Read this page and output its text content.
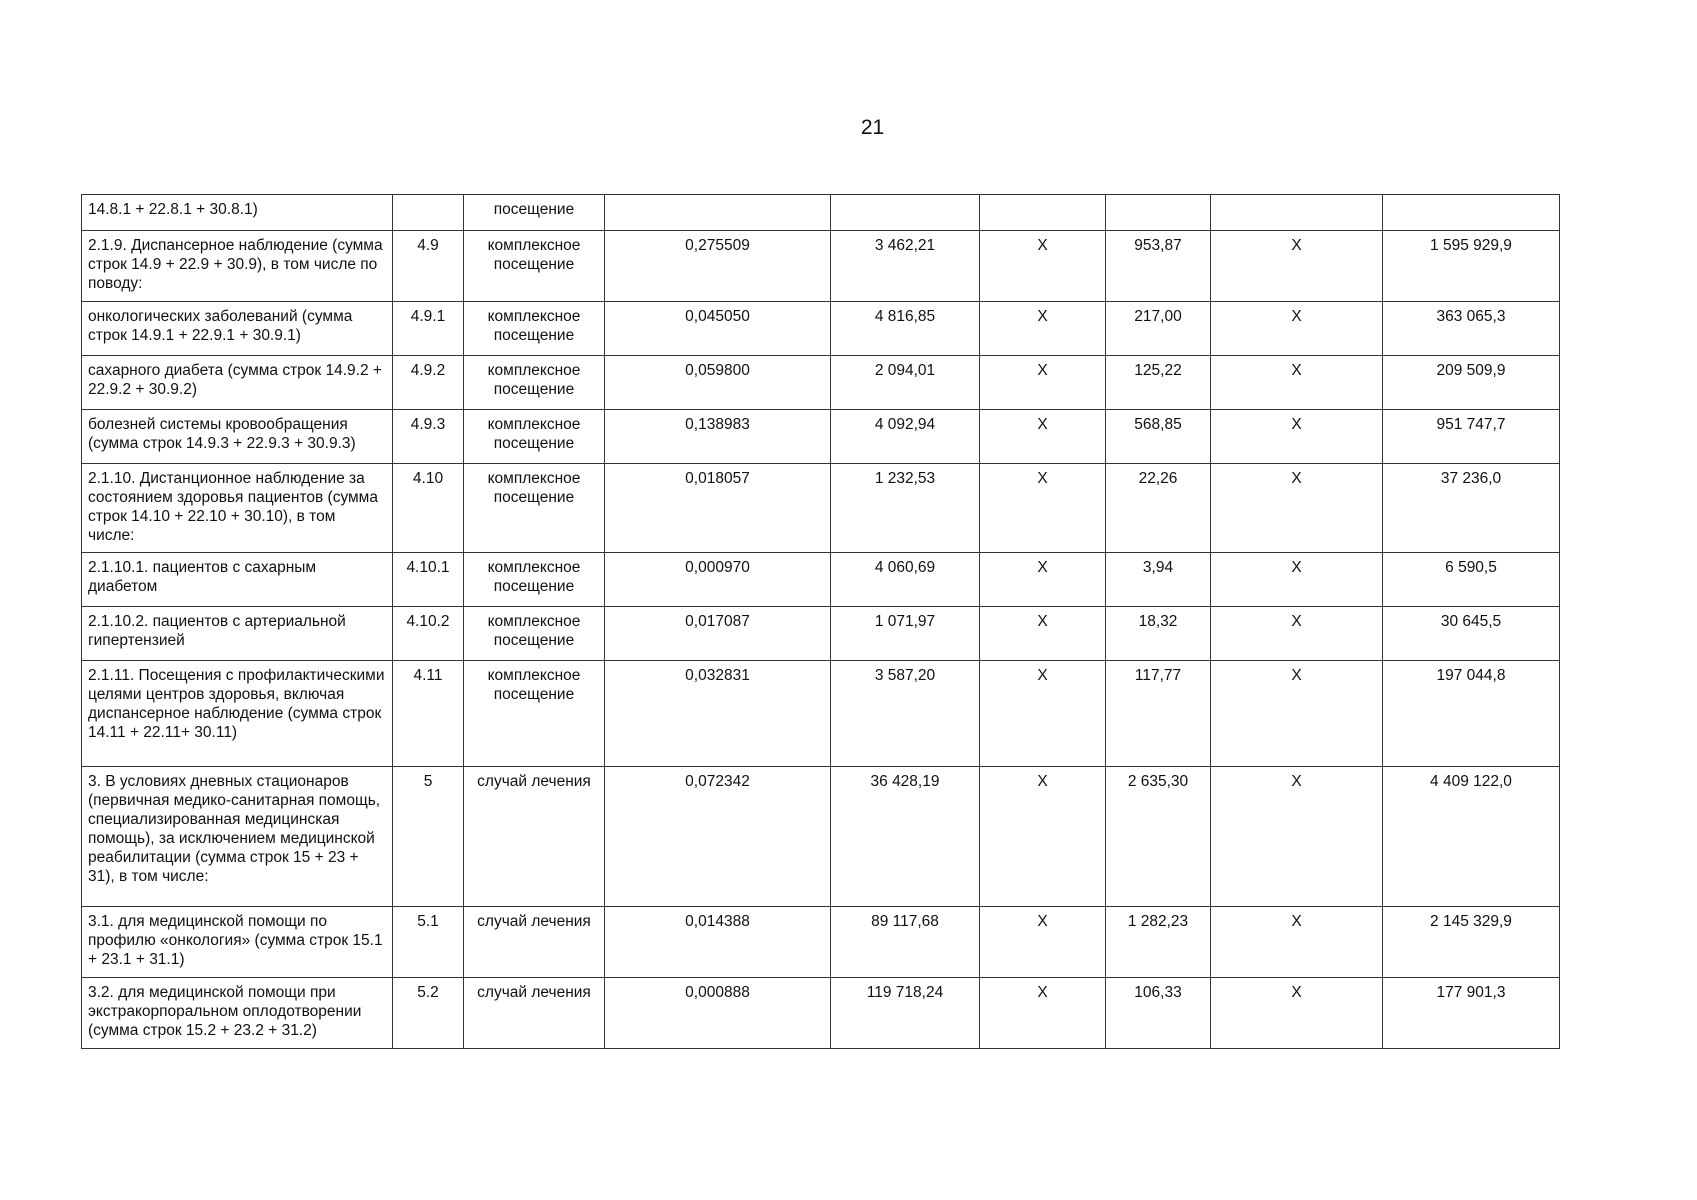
21
14.8.1 + 22.8.1 + 30.8.1)		посещение						
2.1.9. Диспансерное наблюдение (сумма строк 14.9 + 22.9 + 30.9), в том числе по поводу:	4.9	комплексное посещение	0,275509	3 462,21	Х	953,87	Х	1 595 929,9
онкологических заболеваний (сумма строк 14.9.1 + 22.9.1 + 30.9.1)	4.9.1	комплексное посещение	0,045050	4 816,85	Х	217,00	Х	363 065,3
сахарного диабета (сумма строк 14.9.2 + 22.9.2 + 30.9.2)	4.9.2	комплексное посещение	0,059800	2 094,01	Х	125,22	Х	209 509,9
болезней системы кровообращения (сумма строк 14.9.3 + 22.9.3 + 30.9.3)	4.9.3	комплексное посещение	0,138983	4 092,94	Х	568,85	Х	951 747,7
2.1.10. Дистанционное наблюдение за состоянием здоровья пациентов (сумма строк 14.10 + 22.10 + 30.10), в том числе:	4.10	комплексное посещение	0,018057	1 232,53	Х	22,26	Х	37 236,0
2.1.10.1. пациентов с сахарным диабетом	4.10.1	комплексное посещение	0,000970	4 060,69	Х	3,94	Х	6 590,5
2.1.10.2. пациентов с артериальной гипертензией	4.10.2	комплексное посещение	0,017087	1 071,97	Х	18,32	Х	30 645,5
2.1.11. Посещения с профилактическими целями центров здоровья, включая диспансерное наблюдение (сумма строк 14.11 + 22.11+ 30.11)	4.11	комплексное посещение	0,032831	3 587,20	Х	117,77	Х	197 044,8
3. В условиях дневных стационаров (первичная медико-санитарная помощь, специализированная медицинская помощь), за исключением медицинской реабилитации (сумма строк 15 + 23 + 31), в том числе:	5	случай лечения	0,072342	36 428,19	Х	2 635,30	Х	4 409 122,0
3.1. для медицинской помощи по профилю «онкология» (сумма строк 15.1 + 23.1 + 31.1)	5.1	случай лечения	0,014388	89 117,68	Х	1 282,23	Х	2 145 329,9
3.2. для медицинской помощи при экстракорпоральном оплодотворении (сумма строк 15.2 + 23.2 + 31.2)	5.2	случай лечения	0,000888	119 718,24	Х	106,33	Х	177 901,3
